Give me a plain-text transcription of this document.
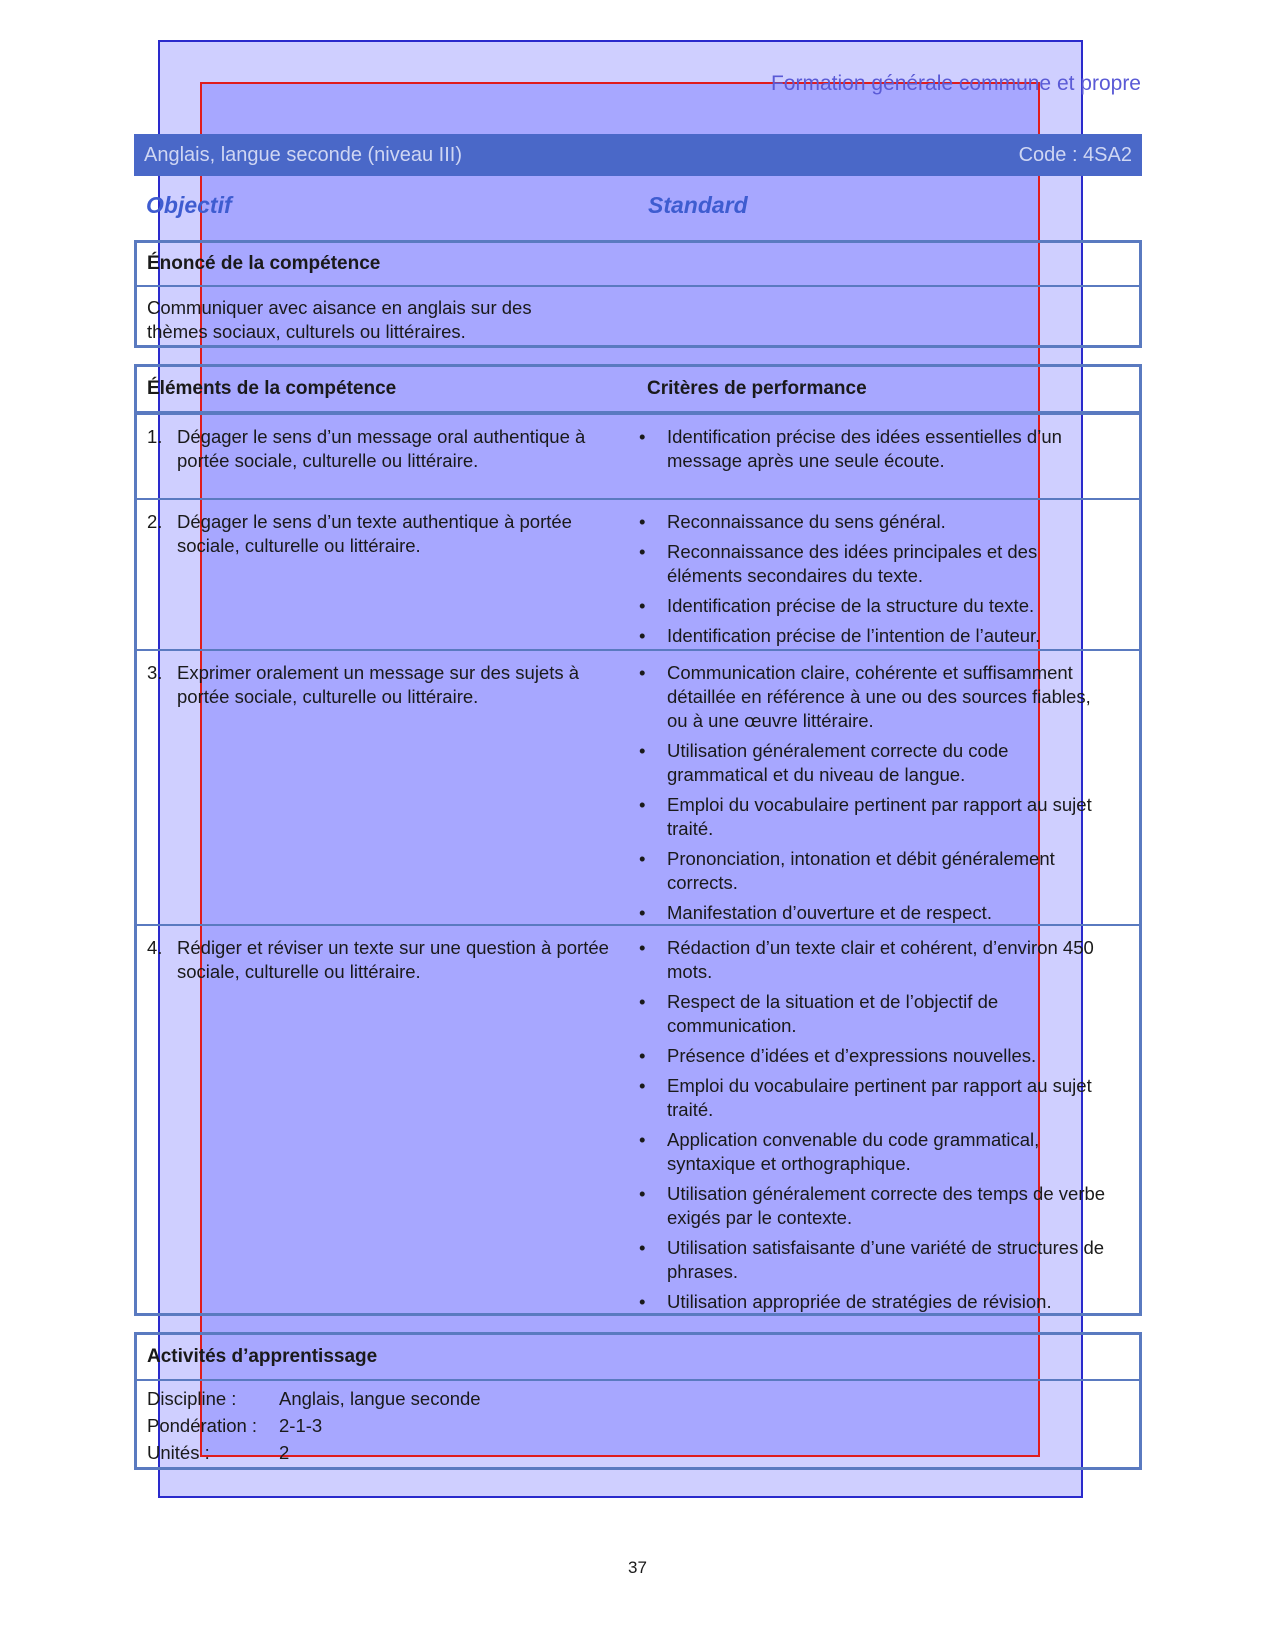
Formation générale commune et propre
Anglais, langue seconde (niveau III)	Code : 4SA2
Objectif	Standard
Énoncé de la compétence
Communiquer avec aisance en anglais sur des thèmes sociaux, culturels ou littéraires.
Éléments de la compétence	Critères de performance
1. Dégager le sens d’un message oral authentique à portée sociale, culturelle ou littéraire.
• Identification précise des idées essentielles d’un message après une seule écoute.
2. Dégager le sens d’un texte authentique à portée sociale, culturelle ou littéraire.
• Reconnaissance du sens général.
• Reconnaissance des idées principales et des éléments secondaires du texte.
• Identification précise de la structure du texte.
• Identification précise de l’intention de l’auteur.
3. Exprimer oralement un message sur des sujets à portée sociale, culturelle ou littéraire.
• Communication claire, cohérente et suffisamment détaillée en référence à une ou des sources fiables, ou à une œuvre littéraire.
• Utilisation généralement correcte du code grammatical et du niveau de langue.
• Emploi du vocabulaire pertinent par rapport au sujet traité.
• Prononciation, intonation et débit généralement corrects.
• Manifestation d’ouverture et de respect.
4. Rédiger et réviser un texte sur une question à portée sociale, culturelle ou littéraire.
• Rédaction d’un texte clair et cohérent, d’environ 450 mots.
• Respect de la situation et de l’objectif de communication.
• Présence d’idées et d’expressions nouvelles.
• Emploi du vocabulaire pertinent par rapport au sujet traité.
• Application convenable du code grammatical, syntaxique et orthographique.
• Utilisation généralement correcte des temps de verbe exigés par le contexte.
• Utilisation satisfaisante d’une variété de structures de phrases.
• Utilisation appropriée de stratégies de révision.
Activités d’apprentissage
Discipline :	Anglais, langue seconde
Pondération :	2-1-3
Unités :	2
37
